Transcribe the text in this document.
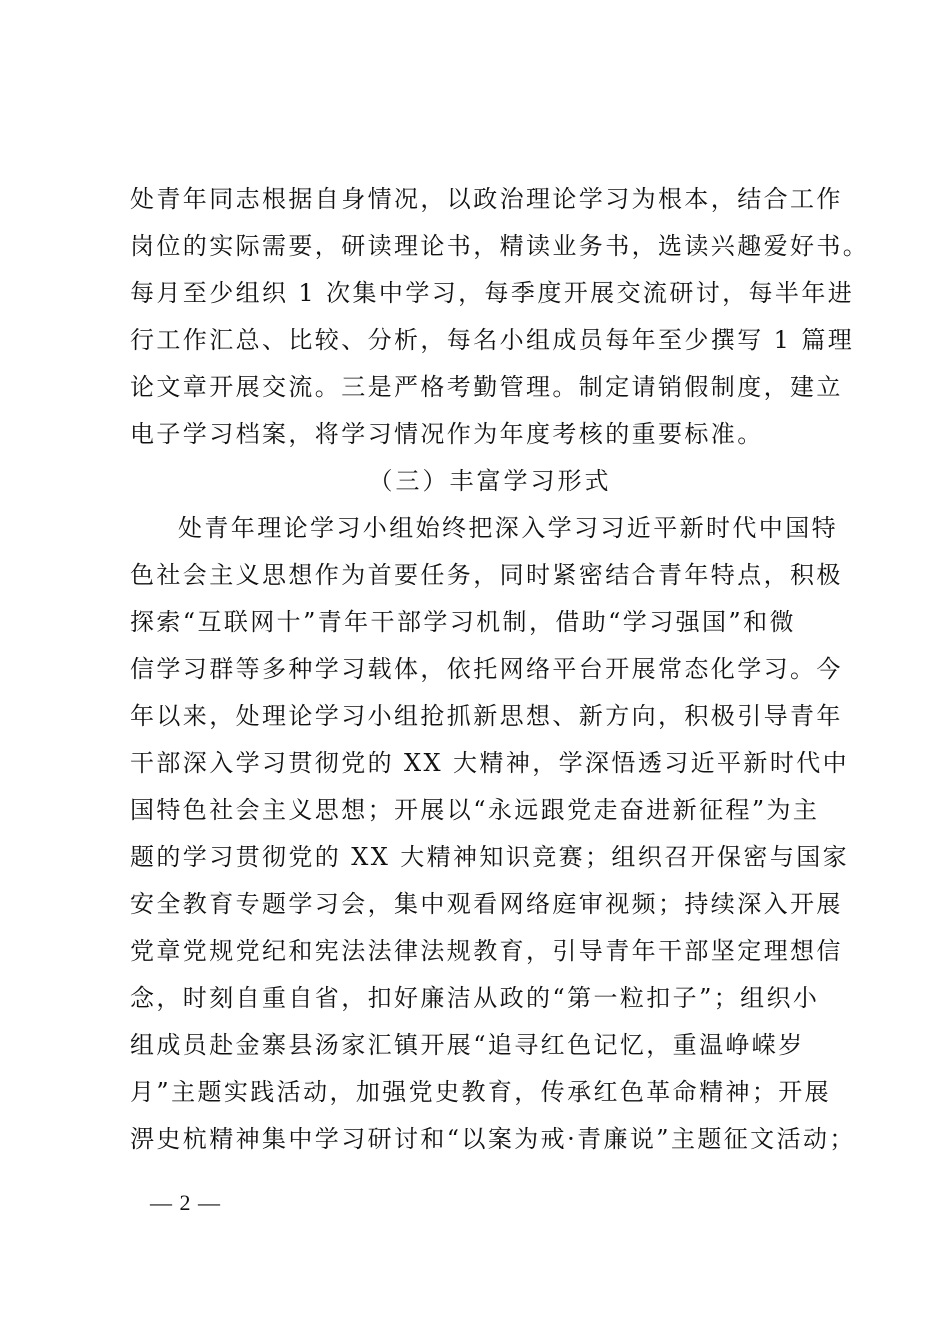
处青年同志根据自身情况，以政治理论学习为根本，结合工作
岗位的实际需要，研读理论书，精读业务书，选读兴趣爱好书。
每月至少组织 1 次集中学习，每季度开展交流研讨，每半年进
行工作汇总、比较、分析，每名小组成员每年至少撰写 1 篇理
论文章开展交流。三是严格考勤管理。制定请销假制度，建立
电子学习档案，将学习情况作为年度考核的重要标准。
（三）丰富学习形式
处青年理论学习小组始终把深入学习习近平新时代中国特
色社会主义思想作为首要任务，同时紧密结合青年特点，积极
探索“互联网十”青年干部学习机制，借助“学习强国”和微
信学习群等多种学习载体，依托网络平台开展常态化学习。今
年以来，处理论学习小组抢抓新思想、新方向，积极引导青年
干部深入学习贯彻党的 XX 大精神，学深悟透习近平新时代中
国特色社会主义思想；开展以“永远跟党走奋进新征程”为主
题的学习贯彻党的 XX 大精神知识竞赛；组织召开保密与国家
安全教育专题学习会，集中观看网络庭审视频；持续深入开展
党章党规党纪和宪法法律法规教育，引导青年干部坚定理想信
念，时刻自重自省，扣好廉洁从政的“第一粒扣子”；组织小
组成员赴金寨县汤家汇镇开展“追寻红色记忆，重温峥嵘岁
月”主题实践活动，加强党史教育，传承红色革命精神；开展
淠史杭精神集中学习研讨和“以案为戒·青廉说”主题征文活动；
— 2 —
